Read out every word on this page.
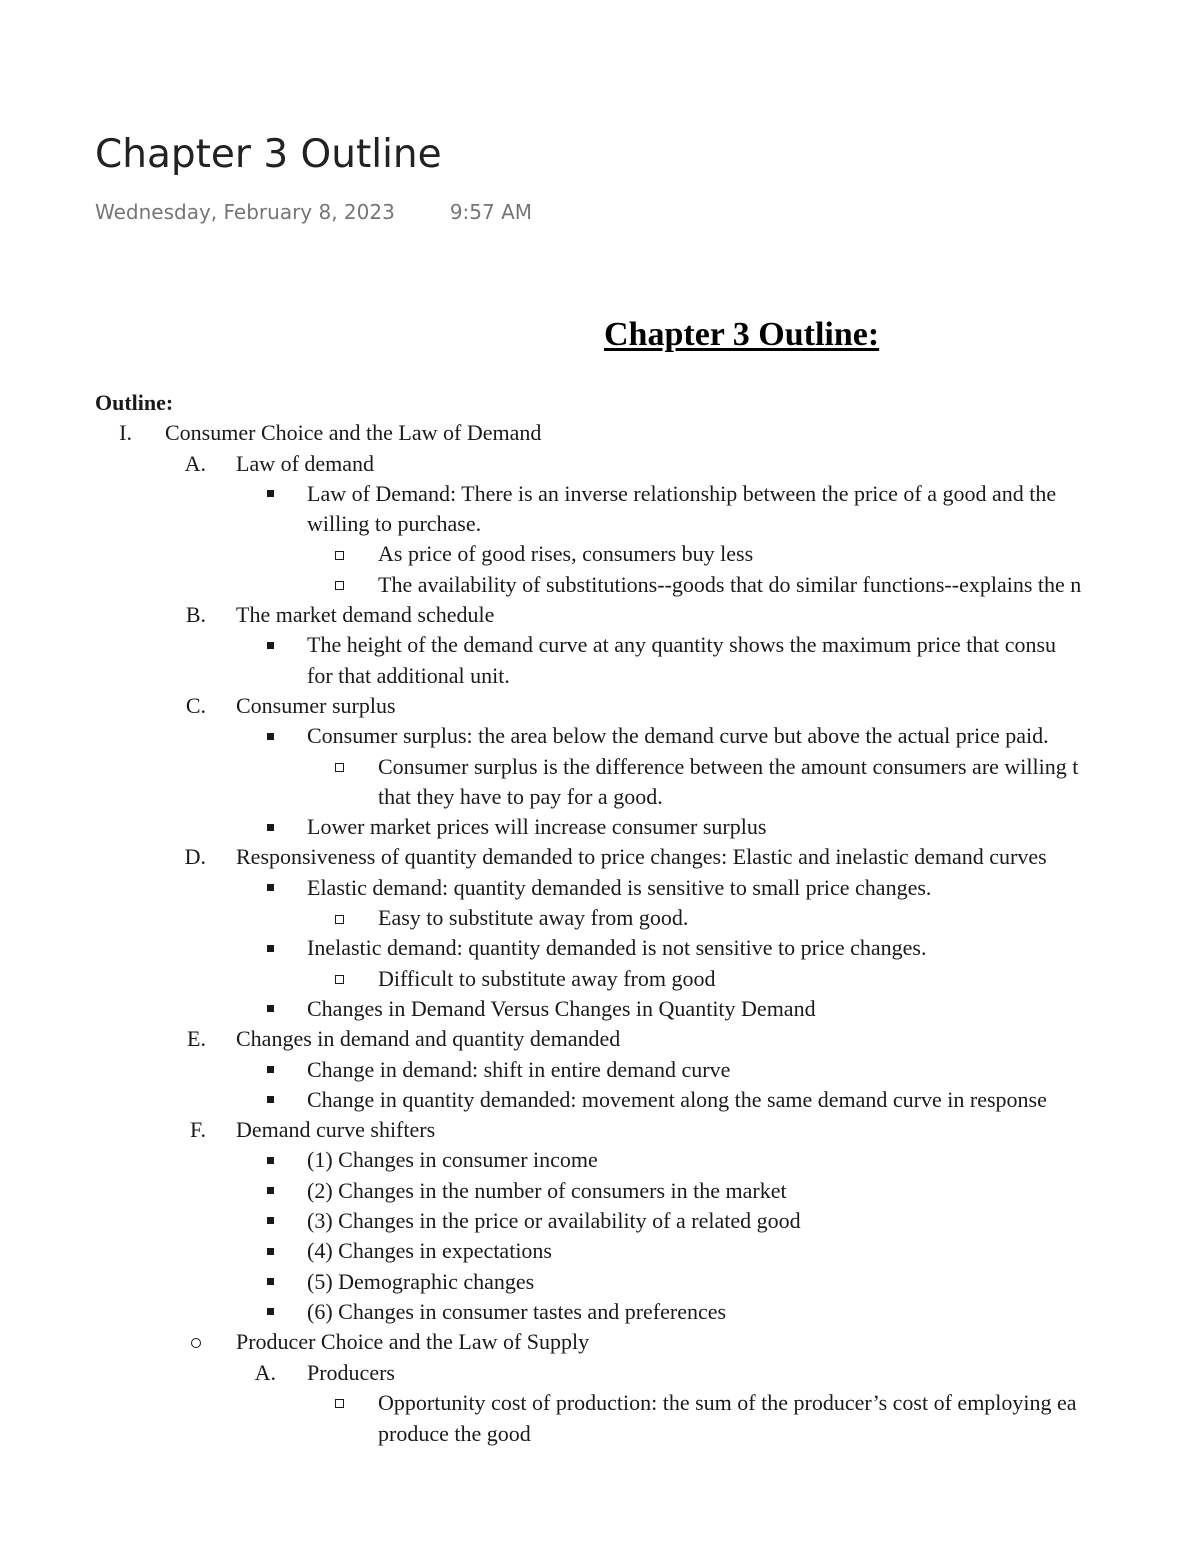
Chapter 3 Outline
Wednesday, February 8, 2023	9:57 AM
Chapter 3 Outline:
Outline:
I. Consumer Choice and the Law of Demand
A. Law of demand
Law of Demand: There is an inverse relationship between the price of a good and the
willing to purchase.
As price of good rises, consumers buy less
The availability of substitutions--goods that do similar functions--explains the n
B. The market demand schedule
The height of the demand curve at any quantity shows the maximum price that consu
for that additional unit.
C. Consumer surplus
Consumer surplus: the area below the demand curve but above the actual price paid.
Consumer surplus is the difference between the amount consumers are willing t
that they have to pay for a good.
Lower market prices will increase consumer surplus
D. Responsiveness of quantity demanded to price changes: Elastic and inelastic demand curves
Elastic demand: quantity demanded is sensitive to small price changes.
Easy to substitute away from good.
Inelastic demand: quantity demanded is not sensitive to price changes.
Difficult to substitute away from good
Changes in Demand Versus Changes in Quantity Demand
E. Changes in demand and quantity demanded
Change in demand: shift in entire demand curve
Change in quantity demanded: movement along the same demand curve in response
F. Demand curve shifters
(1) Changes in consumer income
(2) Changes in the number of consumers in the market
(3) Changes in the price or availability of a related good
(4) Changes in expectations
(5) Demographic changes
(6) Changes in consumer tastes and preferences
Producer Choice and the Law of Supply
A. Producers
Opportunity cost of production: the sum of the producer’s cost of employing ea
produce the good
